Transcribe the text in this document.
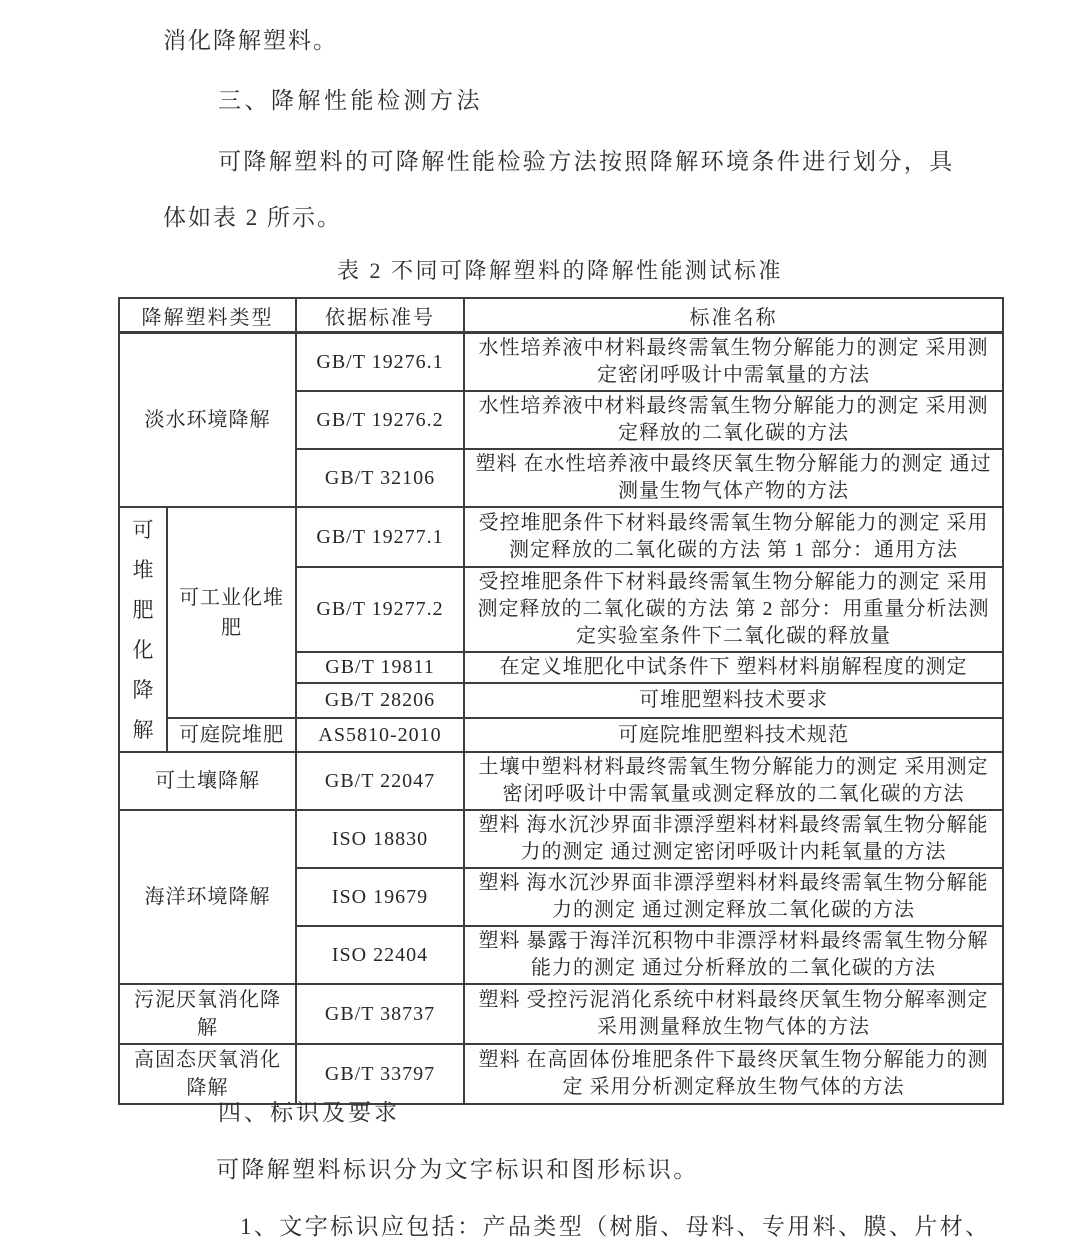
消化降解塑料。

三、降解性能检测方法

可降解塑料的可降解性能检验方法按照降解环境条件进行划分，具

体如表 2 所示。

表 2 不同可降解塑料的降解性能测试标准

降解塑料类型		依据标准号	标准名称
淡水环境降解		GB/T 19276.1	水性培养液中材料最终需氧生物分解能力的测定 采用测定密闭呼吸计中需氧量的方法
		GB/T 19276.2	水性培养液中材料最终需氧生物分解能力的测定 采用测定释放的二氧化碳的方法
		GB/T 32106	塑料 在水性培养液中最终厌氧生物分解能力的测定 通过测量生物气体产物的方法

可堆肥化降解	可工业化堆肥	GB/T 19277.1	受控堆肥条件下材料最终需氧生物分解能力的测定 采用测定释放的二氧化碳的方法 第 1 部分：通用方法
		GB/T 19277.2	受控堆肥条件下材料最终需氧生物分解能力的测定 采用测定释放的二氧化碳的方法 第 2 部分：用重量分析法测定实验室条件下二氧化碳的释放量
		GB/T 19811	在定义堆肥化中试条件下 塑料材料崩解程度的测定
		GB/T 28206	可堆肥塑料技术要求
	可庭院堆肥	AS5810-2010	可庭院堆肥塑料技术规范
可土壤降解		GB/T 22047	土壤中塑料材料最终需氧生物分解能力的测定 采用测定密闭呼吸计中需氧量或测定释放的二氧化碳的方法
海洋环境降解		ISO 18830	塑料 海水沉沙界面非漂浮塑料材料最终需氧生物分解能力的测定 通过测定密闭呼吸计内耗氧量的方法
		ISO 19679	塑料 海水沉沙界面非漂浮塑料材料最终需氧生物分解能力的测定 通过测定释放二氧化碳的方法
		ISO 22404	塑料 暴露于海洋沉积物中非漂浮材料最终需氧生物分解能力的测定 通过分析释放的二氧化碳的方法
污泥厌氧消化降解		GB/T 38737	塑料 受控污泥消化系统中材料最终厌氧生物分解率测定 采用测量释放生物气体的方法
高固态厌氧消化降解		GB/T 33797	塑料 在高固体份堆肥条件下最终厌氧生物分解能力的测定 采用分析测定释放生物气体的方法

四、标识及要求

可降解塑料标识分为文字标识和图形标识。

1、文字标识应包括：产品类型（树脂、母料、专用料、膜、片材、
